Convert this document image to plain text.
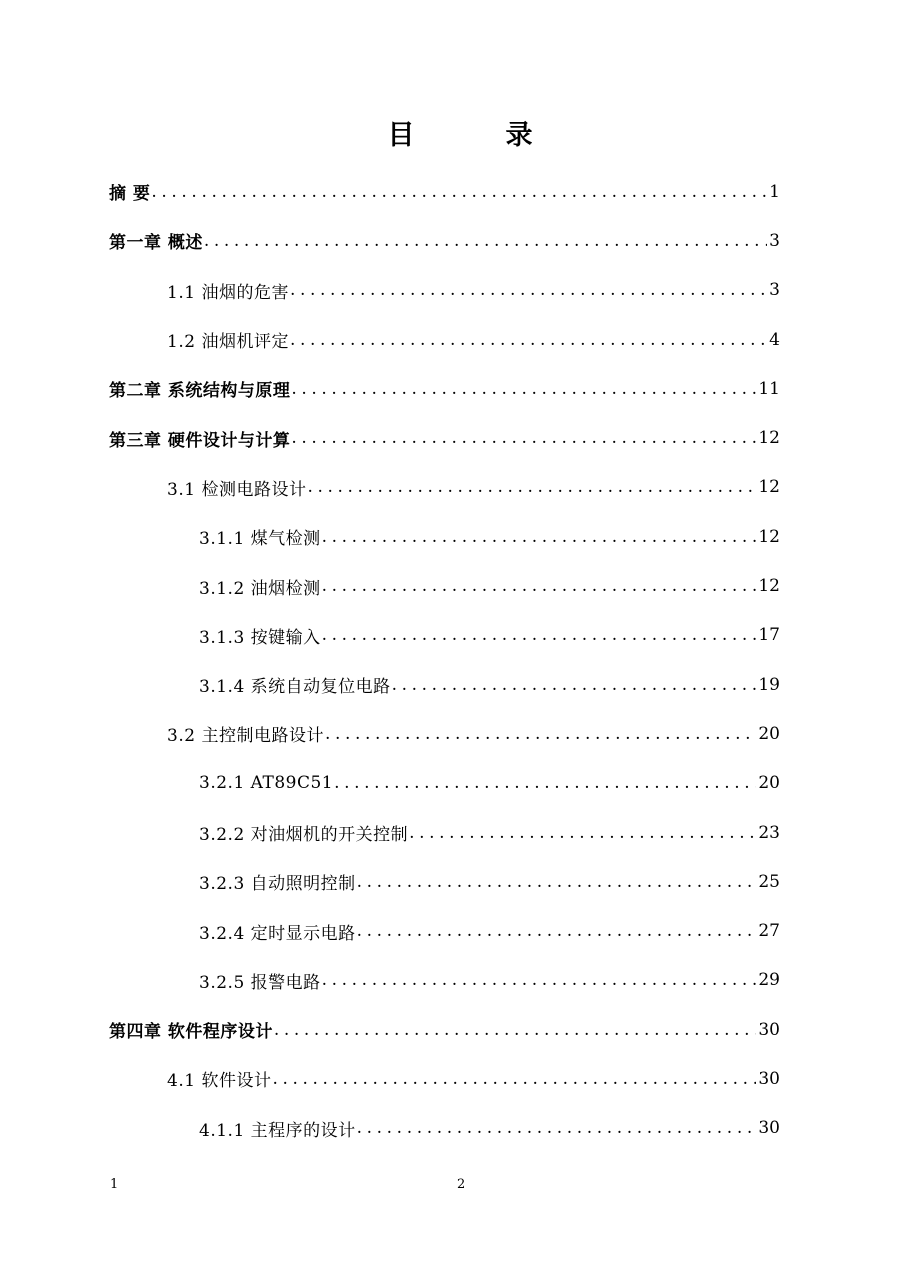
目　录
摘 要 .....	1
第一章 概述 .....	3
1.1 油烟的危害 .....	3
1.2 油烟机评定 .....	4
第二章 系统结构与原理 .....	11
第三章 硬件设计与计算 .....	12
3.1 检测电路设计 .....	12
3.1.1 煤气检测 .....	12
3.1.2 油烟检测 .....	12
3.1.3 按键输入 .....	17
3.1.4 系统自动复位电路 .....	19
3.2 主控制电路设计 .....	20
3.2.1 AT89C51 .....	20
3.2.2 对油烟机的开关控制 .....	23
3.2.3 自动照明控制 .....	25
3.2.4 定时显示电路 .....	27
3.2.5 报警电路 .....	29
第四章 软件程序设计 .....	30
4.1 软件设计 .....	30
4.1.1 主程序的设计 .....	30
1	2
